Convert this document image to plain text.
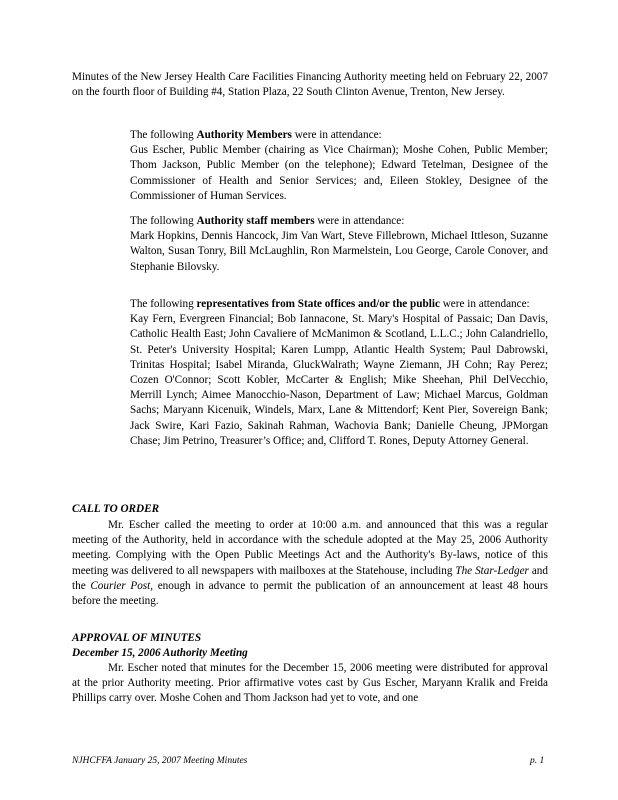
Minutes of the New Jersey Health Care Facilities Financing Authority meeting held on February 22, 2007 on the fourth floor of Building #4, Station Plaza, 22 South Clinton Avenue, Trenton, New Jersey.

The following Authority Members were in attendance:
Gus Escher, Public Member (chairing as Vice Chairman); Moshe Cohen, Public Member; Thom Jackson, Public Member (on the telephone); Edward Tetelman, Designee of the Commissioner of Health and Senior Services; and, Eileen Stokley, Designee of the Commissioner of Human Services.
The following Authority staff members were in attendance:
Mark Hopkins, Dennis Hancock, Jim Van Wart, Steve Fillebrown, Michael Ittleson, Suzanne Walton, Susan Tonry, Bill McLaughlin, Ron Marmelstein, Lou George, Carole Conover, and Stephanie Bilovsky.
The following representatives from State offices and/or the public were in attendance:
Kay Fern, Evergreen Financial; Bob Iannacone, St. Mary's Hospital of Passaic; Dan Davis, Catholic Health East; John Cavaliere of McManimon & Scotland, L.L.C.; John Calandriello, St. Peter's University Hospital; Karen Lumpp, Atlantic Health System; Paul Dabrowski, Trinitas Hospital; Isabel Miranda, GluckWalrath; Wayne Ziemann, JH Cohn; Ray Perez; Cozen O'Connor; Scott Kobler, McCarter & English; Mike Sheehan, Phil DelVecchio, Merrill Lynch; Aimee Manocchio-Nason, Department of Law; Michael Marcus, Goldman Sachs; Maryann Kicenuik, Windels, Marx, Lane & Mittendorf; Kent Pier, Sovereign Bank; Jack Swire, Kari Fazio, Sakinah Rahman, Wachovia Bank; Danielle Cheung, JPMorgan Chase; Jim Petrino, Treasurer’s Office; and, Clifford T. Rones, Deputy Attorney General.
CALL TO ORDER

Mr. Escher called the meeting to order at 10:00 a.m. and announced that this was a regular meeting of the Authority, held in accordance with the schedule adopted at the May 25, 2006 Authority meeting. Complying with the Open Public Meetings Act and the Authority's By-laws, notice of this meeting was delivered to all newspapers with mailboxes at the Statehouse, including The Star-Ledger and the Courier Post, enough in advance to permit the publication of an announcement at least 48 hours before the meeting.

APPROVAL OF MINUTES
December 15, 2006 Authority Meeting

Mr. Escher noted that minutes for the December 15, 2006 meeting were distributed for approval at the prior Authority meeting. Prior affirmative votes cast by Gus Escher, Maryann Kralik and Freida Phillips carry over. Moshe Cohen and Thom Jackson had yet to vote, and one

NJHCFFA January 25, 2007 Meeting Minutes	p. 1
